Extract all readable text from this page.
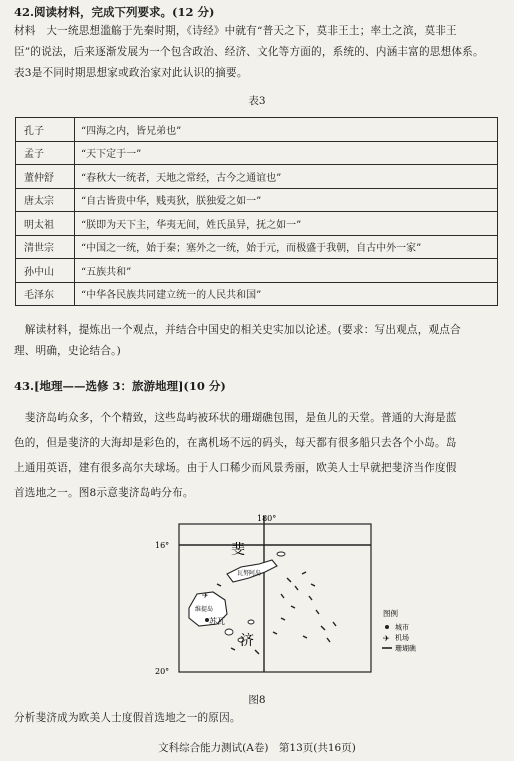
42.阅读材料，完成下列要求。(12 分)
材料　大一统思想滥觞于先秦时期，《诗经》中就有“普天之下，莫非王土；率土之滨，莫非王
臣”的说法，后来逐渐发展为一个包含政治、经济、文化等方面的，系统的、内涵丰富的思想体系。
表3是不同时期思想家或政治家对此认识的摘要。
表3
孔子	“四海之内，皆兄弟也”
孟子	“天下定于一”
董仲舒	“春秋大一统者，天地之常经，古今之通谊也”
唐太宗	“自古皆贵中华，贱夷狄，朕独爱之如一”
明太祖	“朕即为天下主，华夷无间，姓氏虽异，抚之如一”
清世宗	“中国之一统，始于秦；塞外之一统，始于元，而极盛于我朝，自古中外一家”
孙中山	“五族共和”
毛泽东	“中华各民族共同建立统一的人民共和国”
　解读材料，提炼出一个观点，并结合中国史的相关史实加以论述。(要求：写出观点，观点合
理、明确，史论结合。)
43.[地理——选修 3：旅游地理](10 分)
　斐济岛屿众多，个个精致，这些岛屿被环状的珊瑚礁包围，是鱼儿的天堂。普通的大海是蓝
色的，但是斐济的大海却是彩色的，在离机场不远的码头，每天都有很多船只去各个小岛。岛
上通用英语，建有很多高尔夫球场。由于人口稀少而风景秀丽，欧美人士早就把斐济当作度假
首选地之一。图8示意斐济岛屿分布。
180°
16°
20°
瓦努阿岛
维提岛
苏瓦
✈
斐
济
图例
城市
✈ 机场
珊瑚礁
图8
分析斐济成为欧美人士度假首选地之一的原因。
文科综合能力测试(A卷)　第13页(共16页)
